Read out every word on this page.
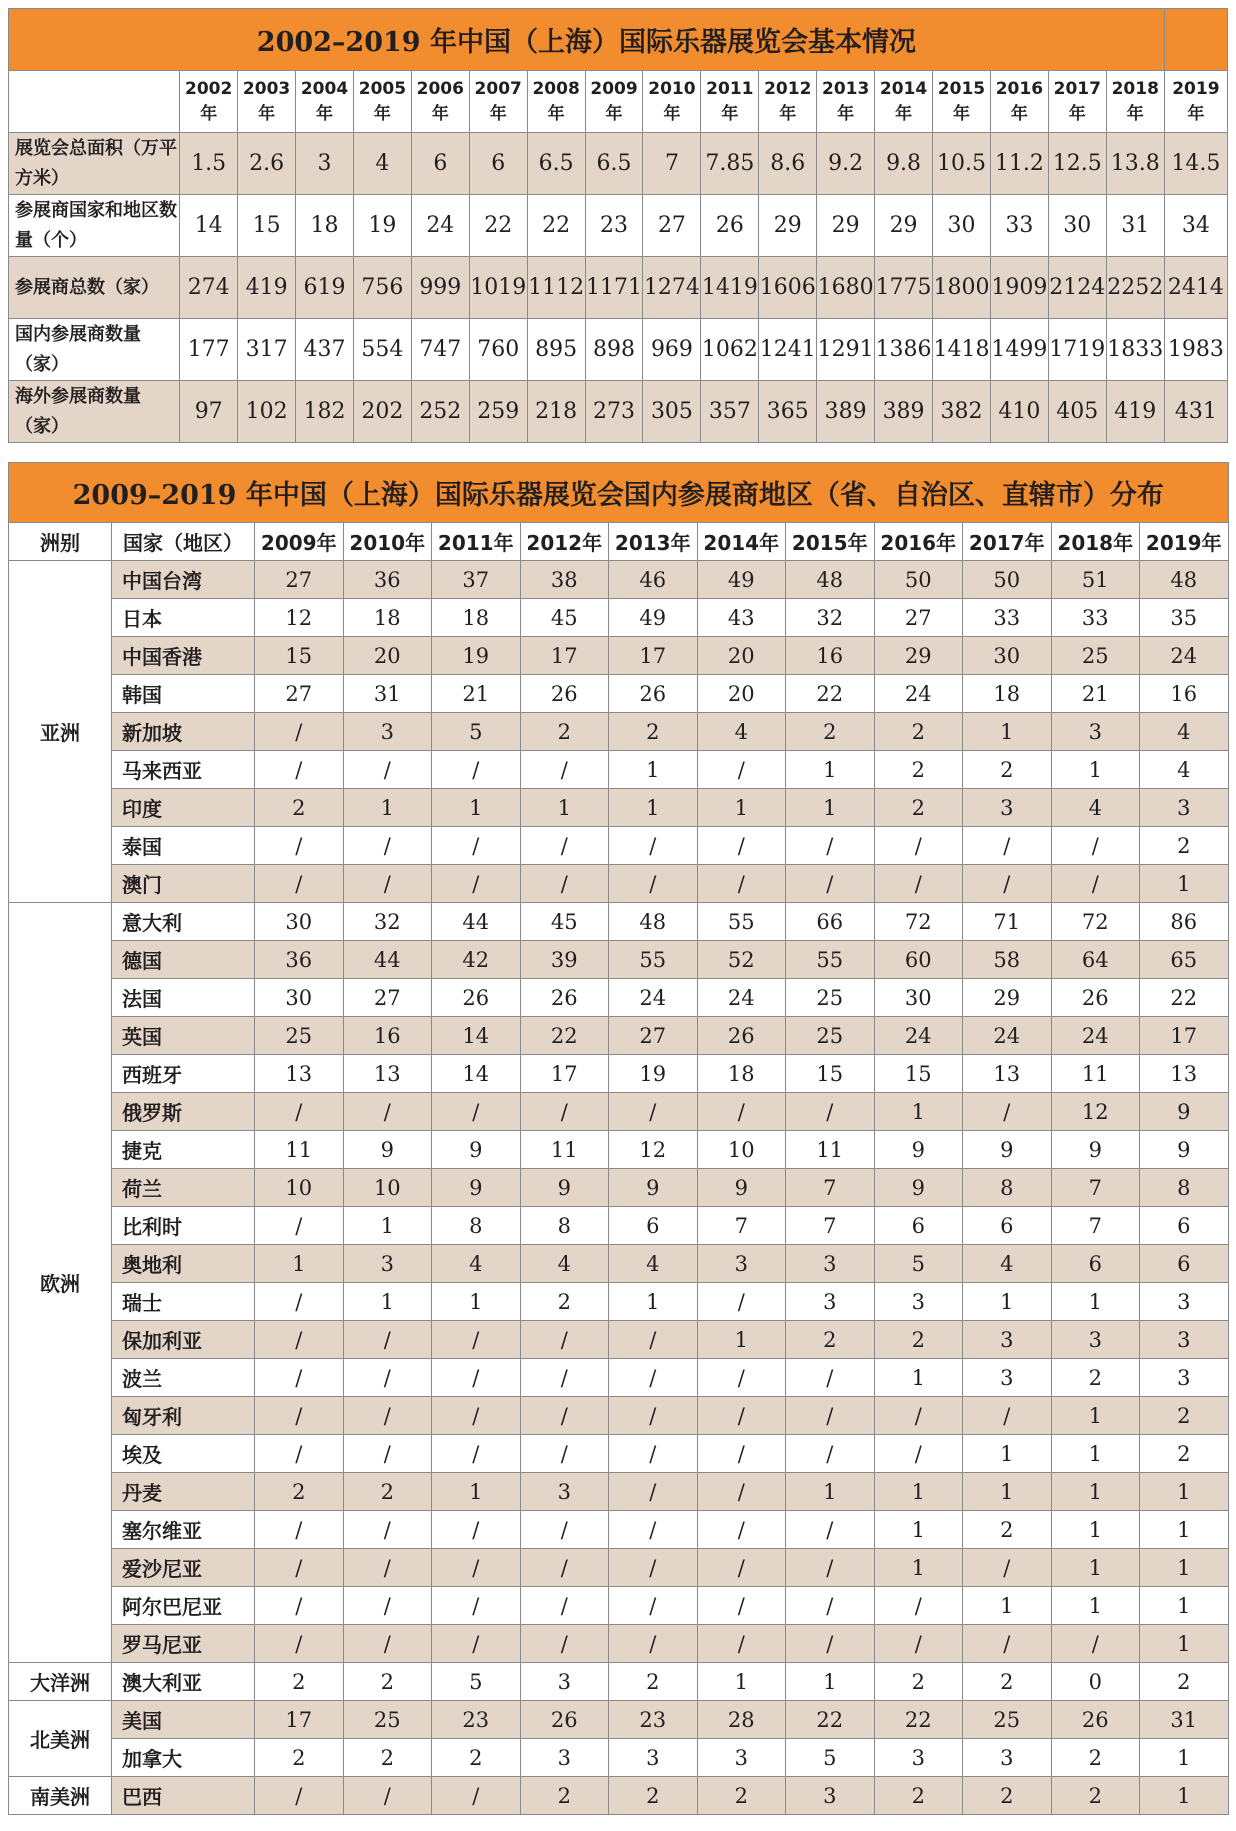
2002–2019 年中国（上海）国际乐器展览会基本情况																		
	2002年	2003年	2004年	2005年	2006年	2007年	2008年	2009年	2010年	2011年	2012年	2013年	2014年	2015年	2016年	2017年	2018年	2019年
展览会总面积（万平方米）	1.5	2.6	3	4	6	6	6.5	6.5	7	7.85	8.6	9.2	9.8	10.5	11.2	12.5	13.8	14.5
参展商国家和地区数量（个）	14	15	18	19	24	22	22	23	27	26	29	29	29	30	33	30	31	34
参展商总数（家）	274	419	619	756	999	1019	1112	1171	1274	1419	1606	1680	1775	1800	1909	2124	2252	2414
国内参展商数量（家）	177	317	437	554	747	760	895	898	969	1062	1241	1291	1386	1418	1499	1719	1833	1983
海外参展商数量（家）	97	102	182	202	252	259	218	273	305	357	365	389	389	382	410	405	419	431
2009–2019 年中国（上海）国际乐器展览会国内参展商地区（省、自治区、直辖市）分布												
洲别	国家（地区）	2009年	2010年	2011年	2012年	2013年	2014年	2015年	2016年	2017年	2018年	2019年
亚洲	中国台湾	27	36	37	38	46	49	48	50	50	51	48
	日本	12	18	18	45	49	43	32	27	33	33	35
	中国香港	15	20	19	17	17	20	16	29	30	25	24
	韩国	27	31	21	26	26	20	22	24	18	21	16
	新加坡	/	3	5	2	2	4	2	2	1	3	4
	马来西亚	/	/	/	/	1	/	1	2	2	1	4
	印度	2	1	1	1	1	1	1	2	3	4	3
	泰国	/	/	/	/	/	/	/	/	/	/	2
	澳门	/	/	/	/	/	/	/	/	/	/	1
欧洲	意大利	30	32	44	45	48	55	66	72	71	72	86
	德国	36	44	42	39	55	52	55	60	58	64	65
	法国	30	27	26	26	24	24	25	30	29	26	22
	英国	25	16	14	22	27	26	25	24	24	24	17
	西班牙	13	13	14	17	19	18	15	15	13	11	13
	俄罗斯	/	/	/	/	/	/	/	1	/	12	9
	捷克	11	9	9	11	12	10	11	9	9	9	9
	荷兰	10	10	9	9	9	9	7	9	8	7	8
	比利时	/	1	8	8	6	7	7	6	6	7	6
	奥地利	1	3	4	4	4	3	3	5	4	6	6
	瑞士	/	1	1	2	1	/	3	3	1	1	3
	保加利亚	/	/	/	/	/	1	2	2	3	3	3
	波兰	/	/	/	/	/	/	/	1	3	2	3
	匈牙利	/	/	/	/	/	/	/	/	/	1	2
	埃及	/	/	/	/	/	/	/	/	1	1	2
	丹麦	2	2	1	3	/	/	1	1	1	1	1
	塞尔维亚	/	/	/	/	/	/	/	1	2	1	1
	爱沙尼亚	/	/	/	/	/	/	/	1	/	1	1
	阿尔巴尼亚	/	/	/	/	/	/	/	/	1	1	1
	罗马尼亚	/	/	/	/	/	/	/	/	/	/	1
大洋洲	澳大利亚	2	2	5	3	2	1	1	2	2	0	2
北美洲	美国	17	25	23	26	23	28	22	22	25	26	31
	加拿大	2	2	2	3	3	3	5	3	3	2	1
南美洲	巴西	/	/	/	2	2	2	3	2	2	2	1
